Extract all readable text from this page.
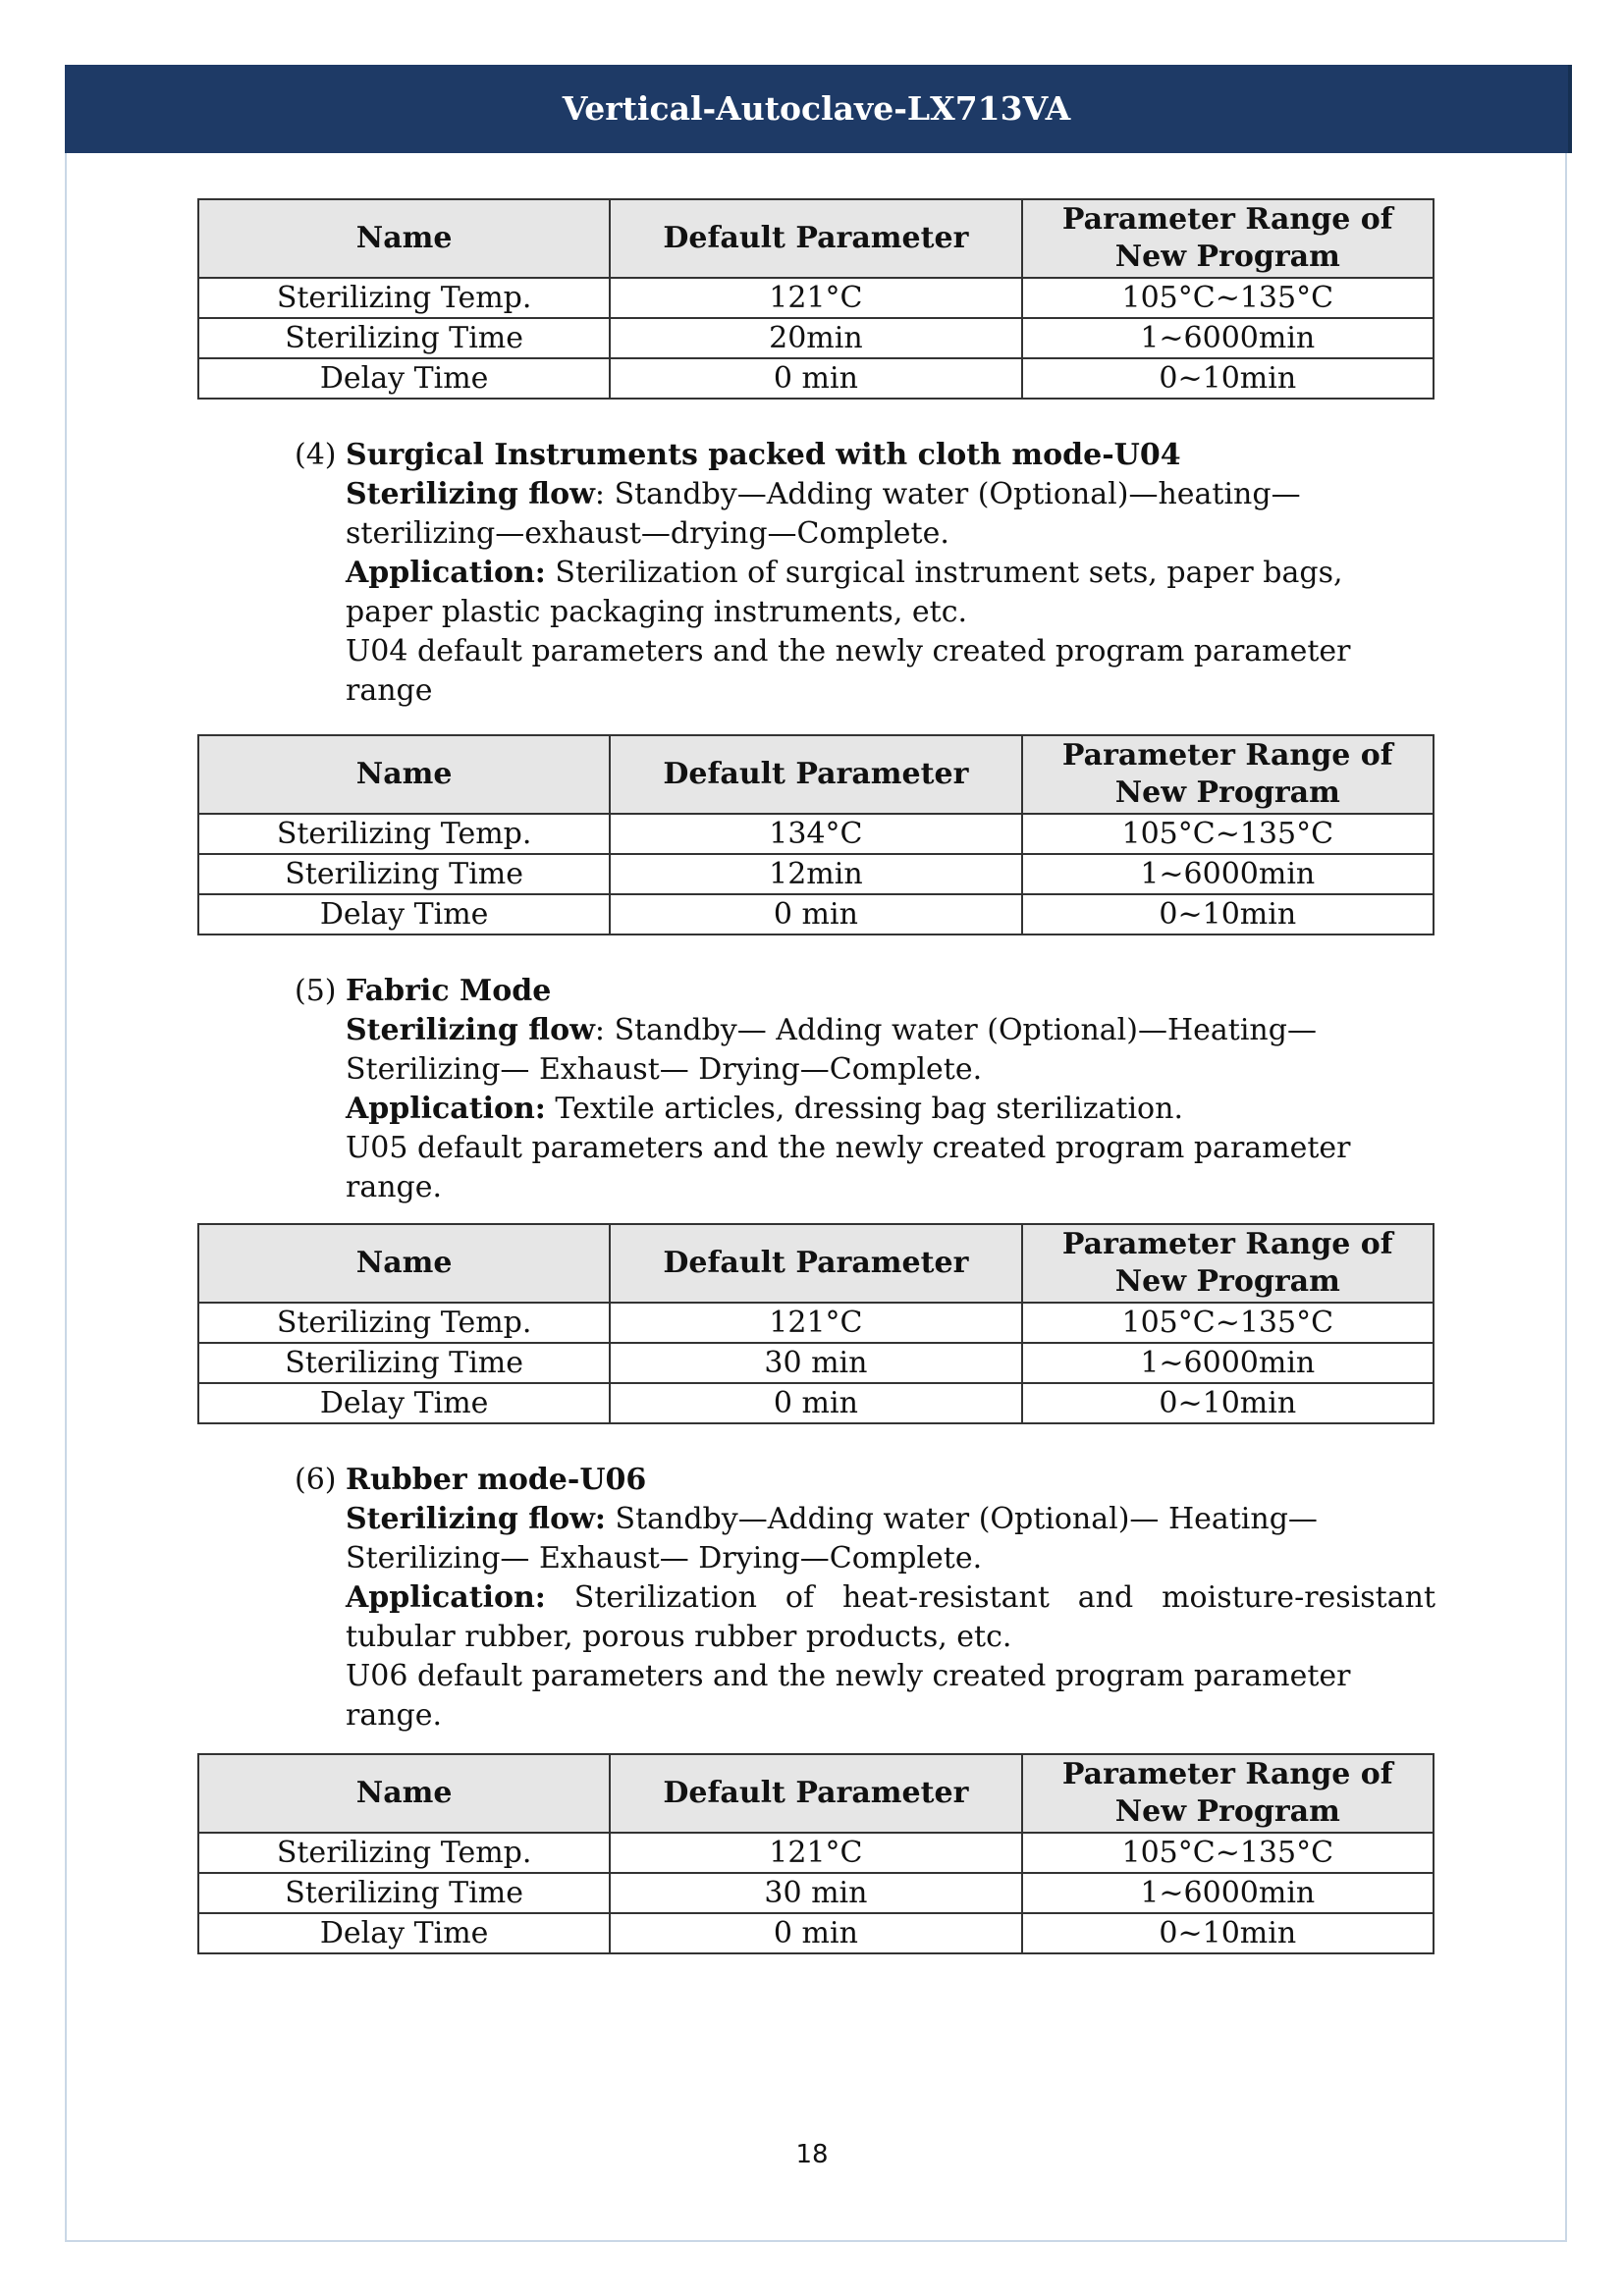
Vertical-Autoclave-LX713VA
Name	Default Parameter	Parameter Range of New Program
Sterilizing Temp.	121°C	105°C~135°C
Sterilizing Time	20min	1~6000min
Delay Time	0 min	0~10min

(4) Surgical Instruments packed with cloth mode-U04

Sterilizing flow: Standby—Adding water (Optional)—heating—sterilizing—exhaust—drying—Complete.

Application: Sterilization of surgical instrument sets, paper bags, paper plastic packaging instruments, etc.

U04 default parameters and the newly created program parameter range

Name	Default Parameter	Parameter Range of New Program
Sterilizing Temp.	134°C	105°C~135°C
Sterilizing Time	12min	1~6000min
Delay Time	0 min	0~10min

(5) Fabric Mode

Sterilizing flow: Standby— Adding water (Optional)—Heating—Sterilizing— Exhaust— Drying—Complete.

Application: Textile articles, dressing bag sterilization.

U05 default parameters and the newly created program parameter range.

Name	Default Parameter	Parameter Range of New Program
Sterilizing Temp.	121°C	105°C~135°C
Sterilizing Time	30 min	1~6000min
Delay Time	0 min	0~10min

(6) Rubber mode-U06

Sterilizing flow: Standby—Adding water (Optional)— Heating—Sterilizing— Exhaust— Drying—Complete.

Application: Sterilization of heat-resistant and moisture-resistant tubular rubber, porous rubber products, etc.

U06 default parameters and the newly created program parameter range.

Name	Default Parameter	Parameter Range of New Program
Sterilizing Temp.	121°C	105°C~135°C
Sterilizing Time	30 min	1~6000min
Delay Time	0 min	0~10min
18
